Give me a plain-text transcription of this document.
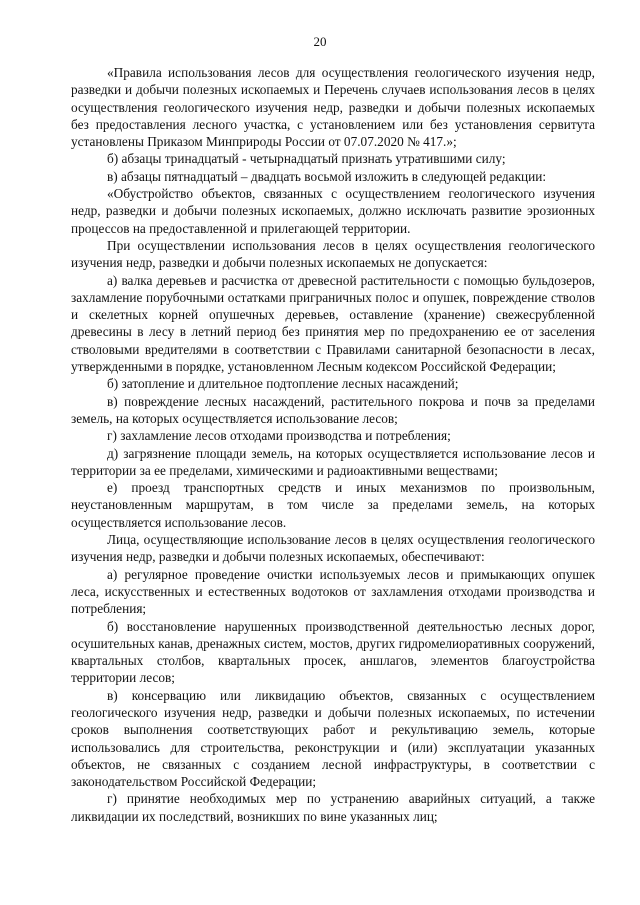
20

«Правила использования лесов для осуществления геологического изучения недр, разведки и добычи полезных ископаемых и Перечень случаев использования лесов в целях осуществления геологического изучения недр, разведки и добычи полезных ископаемых без предоставления лесного участка, с установлением или без установления сервитута установлены Приказом Минприроды России от 07.07.2020 № 417.»;

б) абзацы тринадцатый - четырнадцатый признать утратившими силу;

в) абзацы пятнадцатый – двадцать восьмой изложить в следующей редакции:

«Обустройство объектов, связанных с осуществлением геологического изучения недр, разведки и добычи полезных ископаемых, должно исключать развитие эрозионных процессов на предоставленной и прилегающей территории.

При осуществлении использования лесов в целях осуществления геологического изучения недр, разведки и добычи полезных ископаемых не допускается:

а) валка деревьев и расчистка от древесной растительности с помощью бульдозеров, захламление порубочными остатками приграничных полос и опушек, повреждение стволов и скелетных корней опушечных деревьев, оставление (хранение) свежесрубленной древесины в лесу в летний период без принятия мер по предохранению ее от заселения стволовыми вредителями в соответствии с Правилами санитарной безопасности в лесах, утвержденными в порядке, установленном Лесным кодексом Российской Федерации;

б) затопление и длительное подтопление лесных насаждений;

в) повреждение лесных насаждений, растительного покрова и почв за пределами земель, на которых осуществляется использование лесов;

г) захламление лесов отходами производства и потребления;

д) загрязнение площади земель, на которых осуществляется использование лесов и территории за ее пределами, химическими и радиоактивными веществами;

е) проезд транспортных средств и иных механизмов по произвольным, неустановленным маршрутам, в том числе за пределами земель, на которых осуществляется использование лесов.

Лица, осуществляющие использование лесов в целях осуществления геологического изучения недр, разведки и добычи полезных ископаемых, обеспечивают:

а) регулярное проведение очистки используемых лесов и примыкающих опушек леса, искусственных и естественных водотоков от захламления отходами производства и потребления;

б) восстановление нарушенных производственной деятельностью лесных дорог, осушительных канав, дренажных систем, мостов, других гидромелиоративных сооружений, квартальных столбов, квартальных просек, аншлагов, элементов благоустройства территории лесов;

в) консервацию или ликвидацию объектов, связанных с осуществлением геологического изучения недр, разведки и добычи полезных ископаемых, по истечении сроков выполнения соответствующих работ и рекультивацию земель, которые использовались для строительства, реконструкции и (или) эксплуатации указанных объектов, не связанных с созданием лесной инфраструктуры, в соответствии с законодательством Российской Федерации;

г) принятие необходимых мер по устранению аварийных ситуаций, а также ликвидации их последствий, возникших по вине указанных лиц;
